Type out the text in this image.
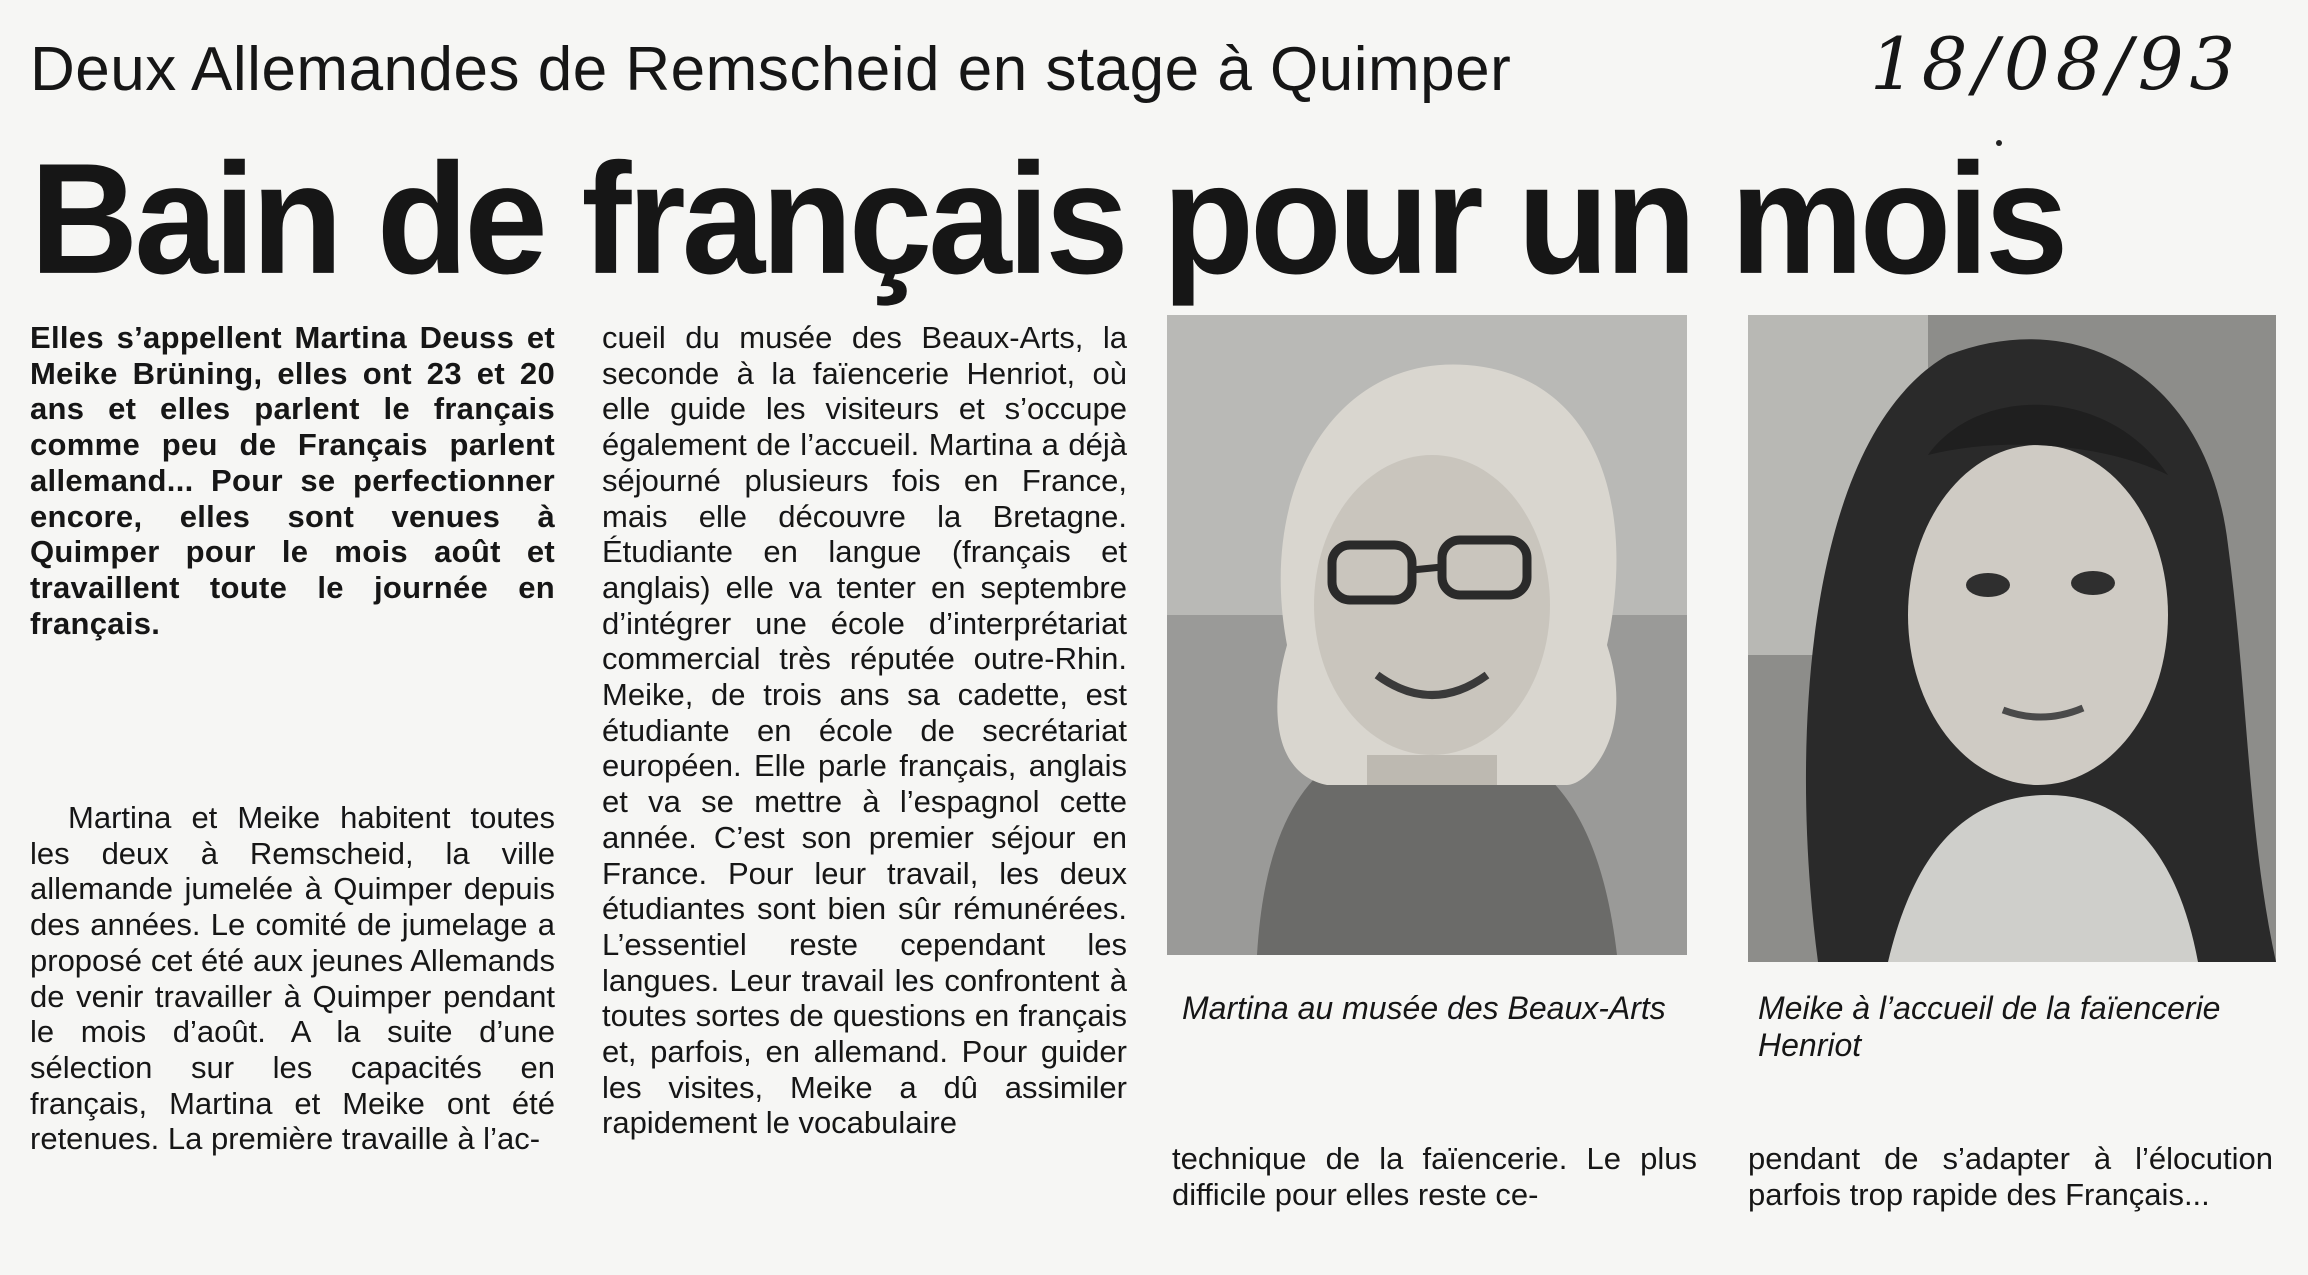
Deux Allemandes de Remscheid en stage à Quimper	18/08/93
Bain de français pour un mois
Elles s’appellent Martina Deuss et Meike Brüning, elles ont 23 et 20 ans et elles parlent le français comme peu de Français parlent allemand... Pour se perfectionner encore, elles sont venues à Quimper pour le mois août et travaillent toute le journée en français.
Martina et Meike habitent toutes les deux à Remscheid, la ville allemande jumelée à Quimper depuis des années. Le comité de jumelage a proposé cet été aux jeunes Allemands de venir travailler à Quimper pendant le mois d’août. A la suite d’une sélection sur les capacités en français, Martina et Meike ont été retenues. La première travaille à l’ac-
cueil du musée des Beaux-Arts, la seconde à la faïencerie Henriot, où elle guide les visiteurs et s’occupe également de l’accueil. Martina a déjà séjourné plusieurs fois en France, mais elle découvre la Bretagne. Étudiante en langue (français et anglais) elle va tenter en septembre d’intégrer une école d’interprétariat commercial très réputée outre-Rhin. Meike, de trois ans sa cadette, est étudiante en école de secrétariat européen. Elle parle français, anglais et va se mettre à l’espagnol cette année. C’est son premier séjour en France. Pour leur travail, les deux étudiantes sont bien sûr rémunérées. L’essentiel reste cependant les langues. Leur travail les confrontent à toutes sortes de questions en français et, parfois, en allemand. Pour guider les visites, Meike a dû assimiler rapidement le vocabulaire
Martina au musée des Beaux-Arts	Meike à l’accueil de la faïencerie Henriot
technique de la faïencerie. Le plus difficile pour elles reste ce-
pendant de s’adapter à l’élocution parfois trop rapide des Français...
